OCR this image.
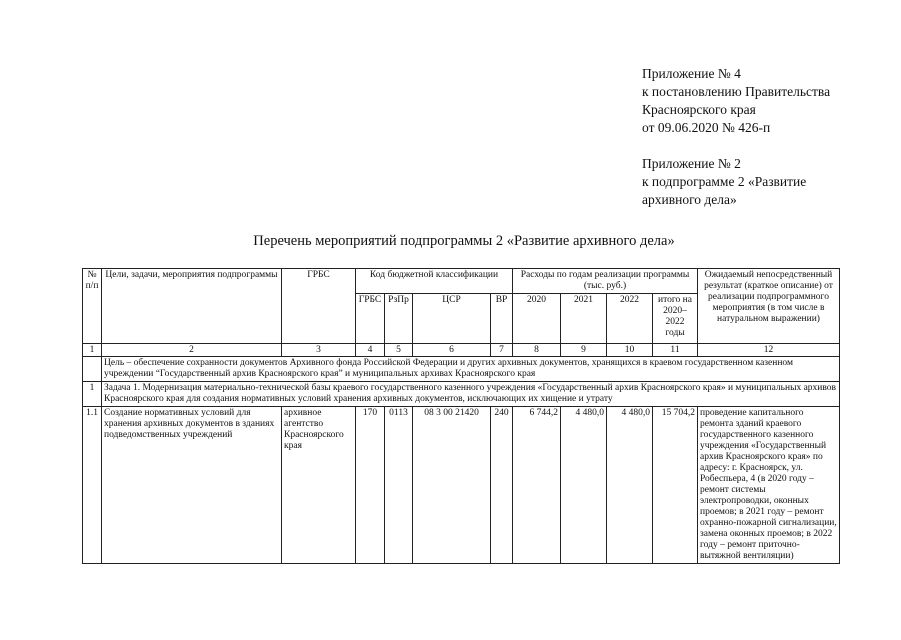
Приложение № 4
к постановлению Правительства
Красноярского края
от 09.06.2020 № 426-п
Приложение № 2
к подпрограмме 2 «Развитие
архивного дела»
Перечень мероприятий подпрограммы 2 «Развитие архивного дела»
№ п/п	Цели, задачи, мероприятия подпрограммы	ГРБС	Код бюджетной классификации				Расходы по годам реализации программы (тыс. руб.)				Ожидаемый непосредственный результат (краткое описание) от реализации подпрограммного мероприятия (в том числе в натуральном выражении)
			ГРБС	РзПр	ЦСР	ВР	2020	2021	2022	итого на 2020–2022 годы	
1	2	3	4	5	6	7	8	9	10	11	12
	Цель – обеспечение сохранности документов Архивного фонда Российской Федерации и других архивных документов, хранящихся в краевом государственном казенном учреждении “Государственный архив Красноярского края” и муниципальных архивах Красноярского края										
1	Задача 1. Модернизация материально-технической базы краевого государственного казенного учреждения «Государственный архив Красноярского края» и муниципальных архивов Красноярского края для создания нормативных условий хранения архивных документов, исключающих их хищение и утрату										
1.1	Создание нормативных условий для хранения архивных документов в зданиях подведомственных учреждений	архивное агентство Красноярского края	170	0113	08 3 00 21420	240	6 744,2	4 480,0	4 480,0	15 704,2	проведение капитального ремонта зданий краевого государственного казенного учреждения «Государственный архив Красноярского края» по адресу: г. Красноярск, ул. Робеспьера, 4 (в 2020 году – ремонт системы электропроводки, оконных проемов; в 2021 году – ремонт охранно-пожарной сигнализации, замена оконных проемов; в 2022 году – ремонт приточно-вытяжной вентиляции)
